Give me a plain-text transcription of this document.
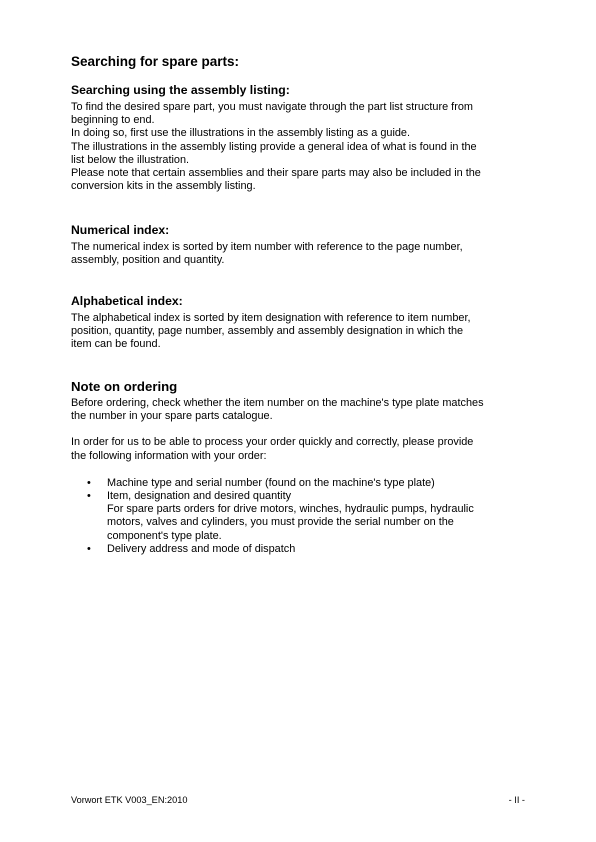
Searching for spare parts:
Searching using the assembly listing:

To find the desired spare part, you must navigate through the part list structure from

beginning to end.

In doing so, first use the illustrations in the assembly listing as a guide.

The illustrations in the assembly listing provide a general idea of what is found in the

list below the illustration.

Please note that certain assemblies and their spare parts may also be included in the

conversion kits in the assembly listing.

Numerical index:

The numerical index is sorted by item number with reference to the page number,

assembly, position and quantity.

Alphabetical index:

The alphabetical index is sorted by item designation with reference to item number,

position, quantity, page number, assembly and assembly designation in which the

item can be found.

Note on ordering

Before ordering, check whether the item number on the machine's type plate matches

the number in your spare parts catalogue.

In order for us to be able to process your order quickly and correctly, please provide

the following information with your order:

• Machine type and serial number (found on the machine's type plate)
• Item, designation and desired quantity
For spare parts orders for drive motors, winches, hydraulic pumps, hydraulic
motors, valves and cylinders, you must provide the serial number on the
component's type plate.
• Delivery address and mode of dispatch
Vorwort ETK V003_EN:2010	- II -
